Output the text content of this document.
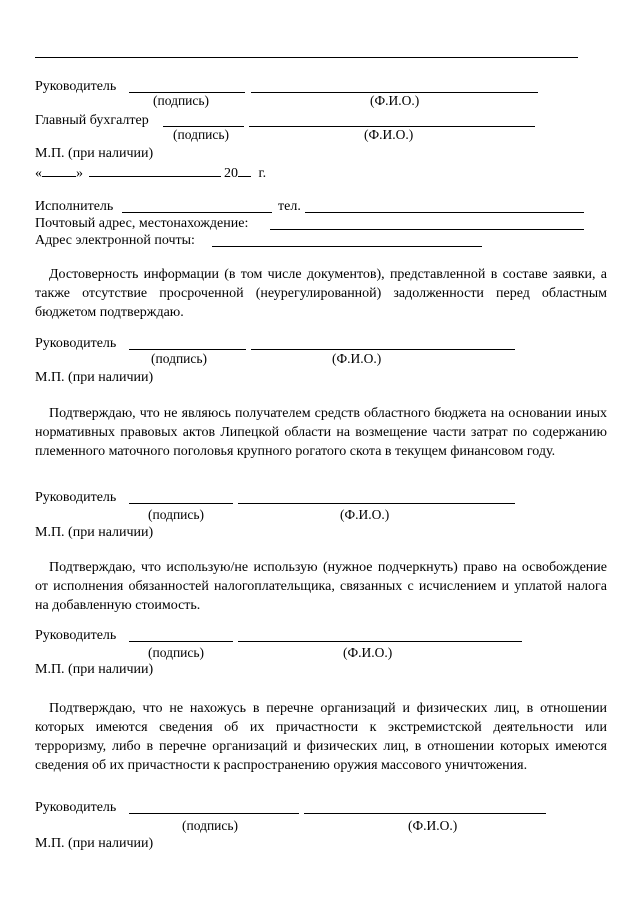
Руководитель
(подпись)	(Ф.И.О.)
Главный бухгалтер
(подпись)	(Ф.И.О.)
М.П. (при наличии)
« »	20 г.
Исполнитель	тел.
Почтовый адрес, местонахождение:
Адрес электронной почты:
Достоверность информации (в том числе документов), представленной в составе заявки, а также отсутствие просроченной (неурегулированной) задолженности перед областным бюджетом подтверждаю.
Руководитель
(подпись)	(Ф.И.О.)
М.П. (при наличии)
Подтверждаю, что не являюсь получателем средств областного бюджета на основании иных нормативных правовых актов Липецкой области на возмещение части затрат по содержанию племенного маточного поголовья крупного рогатого скота в текущем финансовом году.
Руководитель
(подпись)	(Ф.И.О.)
М.П. (при наличии)
Подтверждаю, что использую/не использую (нужное подчеркнуть) право на освобождение от исполнения обязанностей налогоплательщика, связанных с исчислением и уплатой налога на добавленную стоимость.
Руководитель
(подпись)	(Ф.И.О.)
М.П. (при наличии)
Подтверждаю, что не нахожусь в перечне организаций и физических лиц, в отношении которых имеются сведения об их причастности к экстремистской деятельности или терроризму, либо в перечне организаций и физических лиц, в отношении которых имеются сведения об их причастности к распространению оружия массового уничтожения.
Руководитель
(подпись)	(Ф.И.О.)
М.П. (при наличии)
